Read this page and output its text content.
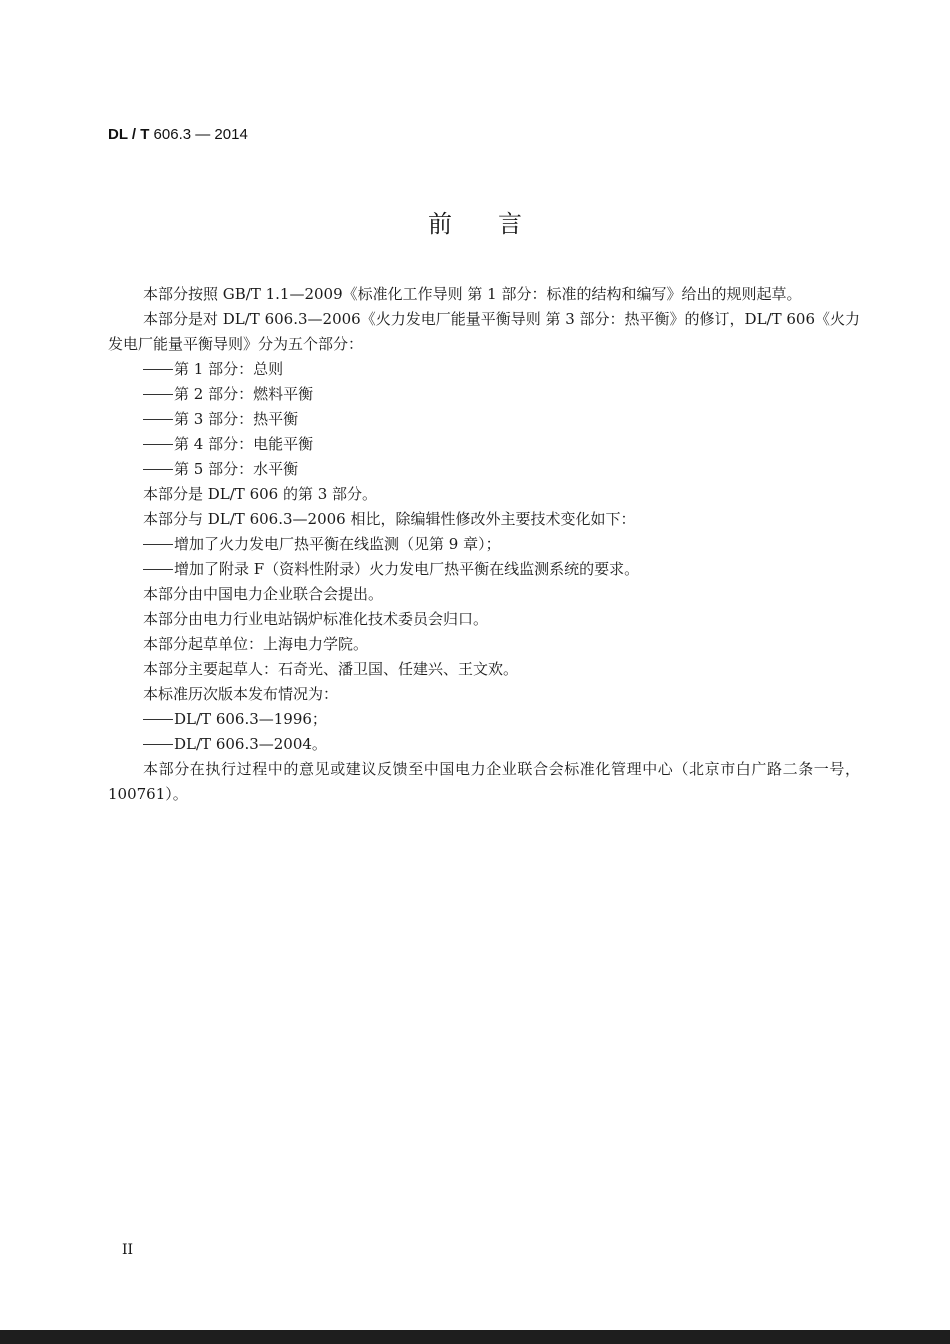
DL / T 606.3 — 2014
前 言

本部分按照 GB/T 1.1—2009《标准化工作导则 第 1 部分：标准的结构和编写》给出的规则起草。

本部分是对 DL/T 606.3—2006《火力发电厂能量平衡导则 第 3 部分：热平衡》的修订，DL/T 606《火力发电厂能量平衡导则》分为五个部分：

第 1 部分：总则

第 2 部分：燃料平衡

第 3 部分：热平衡

第 4 部分：电能平衡

第 5 部分：水平衡

本部分是 DL/T 606 的第 3 部分。

本部分与 DL/T 606.3—2006 相比，除编辑性修改外主要技术变化如下：

增加了火力发电厂热平衡在线监测（见第 9 章）；

增加了附录 F（资料性附录）火力发电厂热平衡在线监测系统的要求。

本部分由中国电力企业联合会提出。

本部分由电力行业电站锅炉标准化技术委员会归口。

本部分起草单位：上海电力学院。

本部分主要起草人：石奇光、潘卫国、任建兴、王文欢。

本标准历次版本发布情况为：

DL/T 606.3—1996；

DL/T 606.3—2004。

本部分在执行过程中的意见或建议反馈至中国电力企业联合会标准化管理中心（北京市白广路二条一号，100761）。

II
